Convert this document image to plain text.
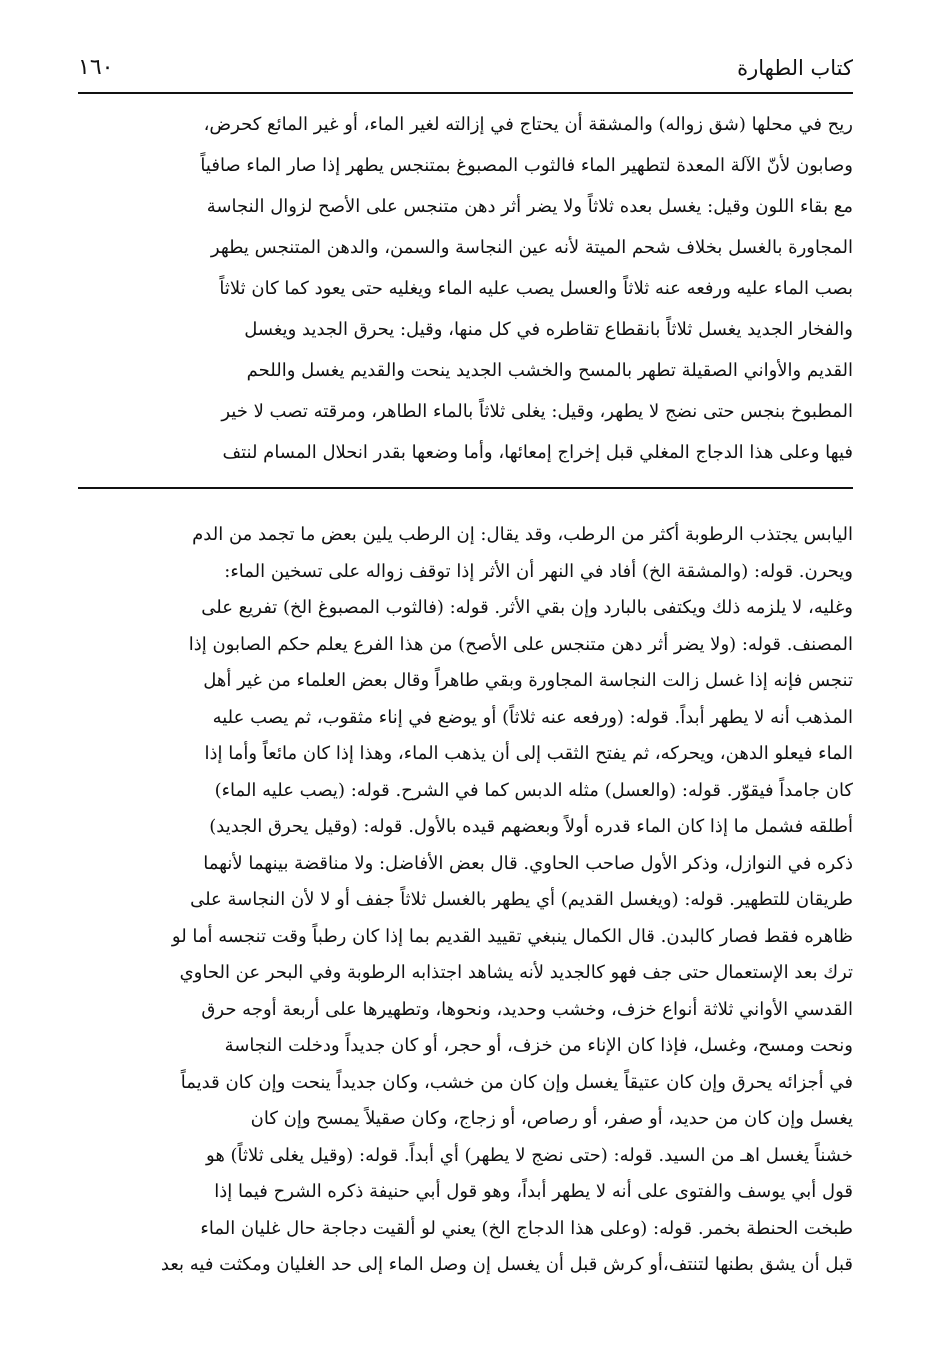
كتاب الطهارة
١٦٠
ريح في محلها (شق زواله) والمشقة أن يحتاج في إزالته لغير الماء، أو غير المائع كحرض،
وصابون لأنّ الآلة المعدة لتطهير الماء فالثوب المصبوغ بمتنجس يطهر إذا صار الماء صافياً
مع بقاء اللون وقيل: يغسل بعده ثلاثاً ولا يضر أثر دهن متنجس على الأصح لزوال النجاسة
المجاورة بالغسل بخلاف شحم الميتة لأنه عين النجاسة والسمن، والدهن المتنجس يطهر
بصب الماء عليه ورفعه عنه ثلاثاً والعسل يصب عليه الماء ويغليه حتى يعود كما كان ثلاثاً
والفخار الجديد يغسل ثلاثاً بانقطاع تقاطره في كل منها، وقيل: يحرق الجديد ويغسل
القديم والأواني الصقيلة تطهر بالمسح والخشب الجديد ينحت والقديم يغسل واللحم
المطبوخ بنجس حتى نضج لا يطهر، وقيل: يغلى ثلاثاً بالماء الطاهر، ومرقته تصب لا خير
فيها وعلى هذا الدجاج المغلي قبل إخراج إمعائها، وأما وضعها بقدر انحلال المسام لنتف
اليابس يجتذب الرطوبة أكثر من الرطب، وقد يقال: إن الرطب يلين بعض ما تجمد من الدم
ويحرن. قوله: (والمشقة الخ) أفاد في النهر أن الأثر إذا توقف زواله على تسخين الماء:
وغليه، لا يلزمه ذلك ويكتفى بالبارد وإن بقي الأثر. قوله: (فالثوب المصبوغ الخ) تفريع على
المصنف. قوله: (ولا يضر أثر دهن متنجس على الأصح) من هذا الفرع يعلم حكم الصابون إذا
تنجس فإنه إذا غسل زالت النجاسة المجاورة وبقي طاهراً وقال بعض العلماء من غير أهل
المذهب أنه لا يطهر أبداً. قوله: (ورفعه عنه ثلاثاً) أو يوضع في إناء مثقوب، ثم يصب عليه
الماء فيعلو الدهن، ويحركه، ثم يفتح الثقب إلى أن يذهب الماء، وهذا إذا كان مائعاً وأما إذا
كان جامداً فيقوّر. قوله: (والعسل) مثله الدبس كما في الشرح. قوله: (يصب عليه الماء)
أطلقه فشمل ما إذا كان الماء قدره أولاً وبعضهم قيده بالأول. قوله: (وقيل يحرق الجديد)
ذكره في النوازل، وذكر الأول صاحب الحاوي. قال بعض الأفاضل: ولا مناقضة بينهما لأنهما
طريقان للتطهير. قوله: (ويغسل القديم) أي يطهر بالغسل ثلاثاً جفف أو لا لأن النجاسة على
ظاهره فقط فصار كالبدن. قال الكمال ينبغي تقييد القديم بما إذا كان رطباً وقت تنجسه أما لو
ترك بعد الإستعمال حتى جف فهو كالجديد لأنه يشاهد اجتذابه الرطوبة وفي البحر عن الحاوي
القدسي الأواني ثلاثة أنواع خزف، وخشب وحديد، ونحوها، وتطهيرها على أربعة أوجه حرق
ونحت ومسح، وغسل، فإذا كان الإناء من خزف، أو حجر، أو كان جديداً ودخلت النجاسة
في أجزائه يحرق وإن كان عتيقاً يغسل وإن كان من خشب، وكان جديداً ينحت وإن كان قديماً
يغسل وإن كان من حديد، أو صفر، أو رصاص، أو زجاج، وكان صقيلاً يمسح وإن كان
خشناً يغسل اهـ من السيد. قوله: (حتى نضج لا يطهر) أي أبداً. قوله: (وقيل يغلى ثلاثاً) هو
قول أبي يوسف والفتوى على أنه لا يطهر أبداً، وهو قول أبي حنيفة ذكره الشرح فيما إذا
طبخت الحنطة بخمر. قوله: (وعلى هذا الدجاج الخ) يعني لو ألقيت دجاجة حال غليان الماء
قبل أن يشق بطنها لتنتف،أو كرش قبل أن يغسل إن وصل الماء إلى حد الغليان ومكثت فيه بعد
